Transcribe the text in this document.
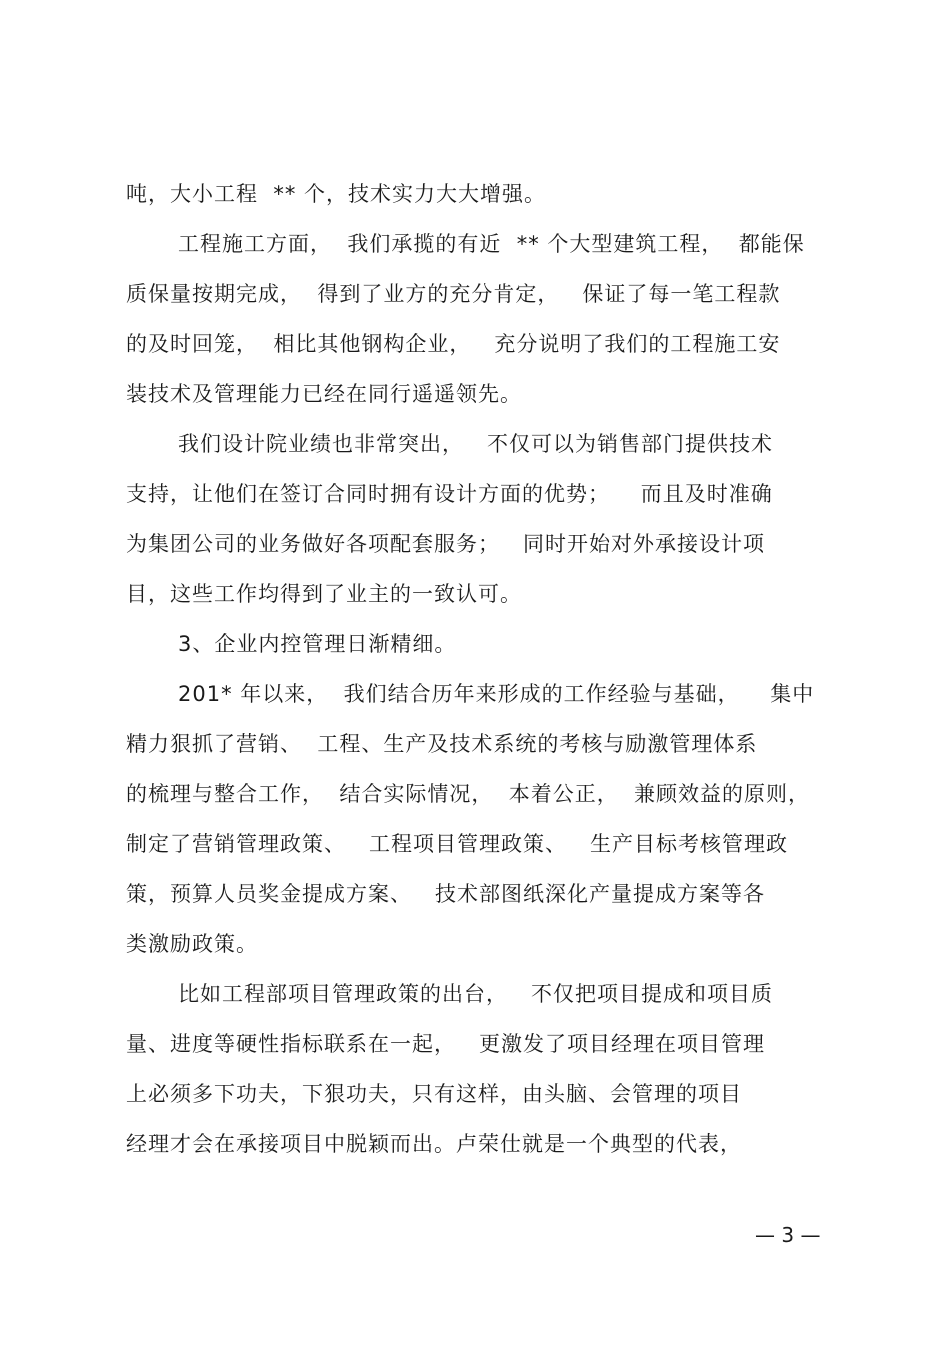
吨，大小工程  ** 个，技术实力大大增强。
工程施工方面，  我们承揽的有近  ** 个大型建筑工程，  都能保
质保量按期完成，  得到了业方的充分肯定，   保证了每一笔工程款
的及时回笼，  相比其他钢构企业，   充分说明了我们的工程施工安
装技术及管理能力已经在同行遥遥领先。
我们设计院业绩也非常突出，   不仅可以为销售部门提供技术
支持，让他们在签订合同时拥有设计方面的优势；    而且及时准确
为集团公司的业务做好各项配套服务；   同时开始对外承接设计项
目，这些工作均得到了业主的一致认可。
3、企业内控管理日渐精细。
201* 年以来，  我们结合历年来形成的工作经验与基础，    集中
精力狠抓了营销、  工程、生产及技术系统的考核与励激管理体系
的梳理与整合工作，  结合实际情况，  本着公正，  兼顾效益的原则，
制定了营销管理政策、   工程项目管理政策、   生产目标考核管理政
策，预算人员奖金提成方案、   技术部图纸深化产量提成方案等各
类激励政策。
比如工程部项目管理政策的出台，   不仅把项目提成和项目质
量、进度等硬性指标联系在一起，   更激发了项目经理在项目管理
上必须多下功夫，下狠功夫，只有这样，由头脑、会管理的项目
经理才会在承接项目中脱颖而出。卢荣仕就是一个典型的代表，
— 3 —
